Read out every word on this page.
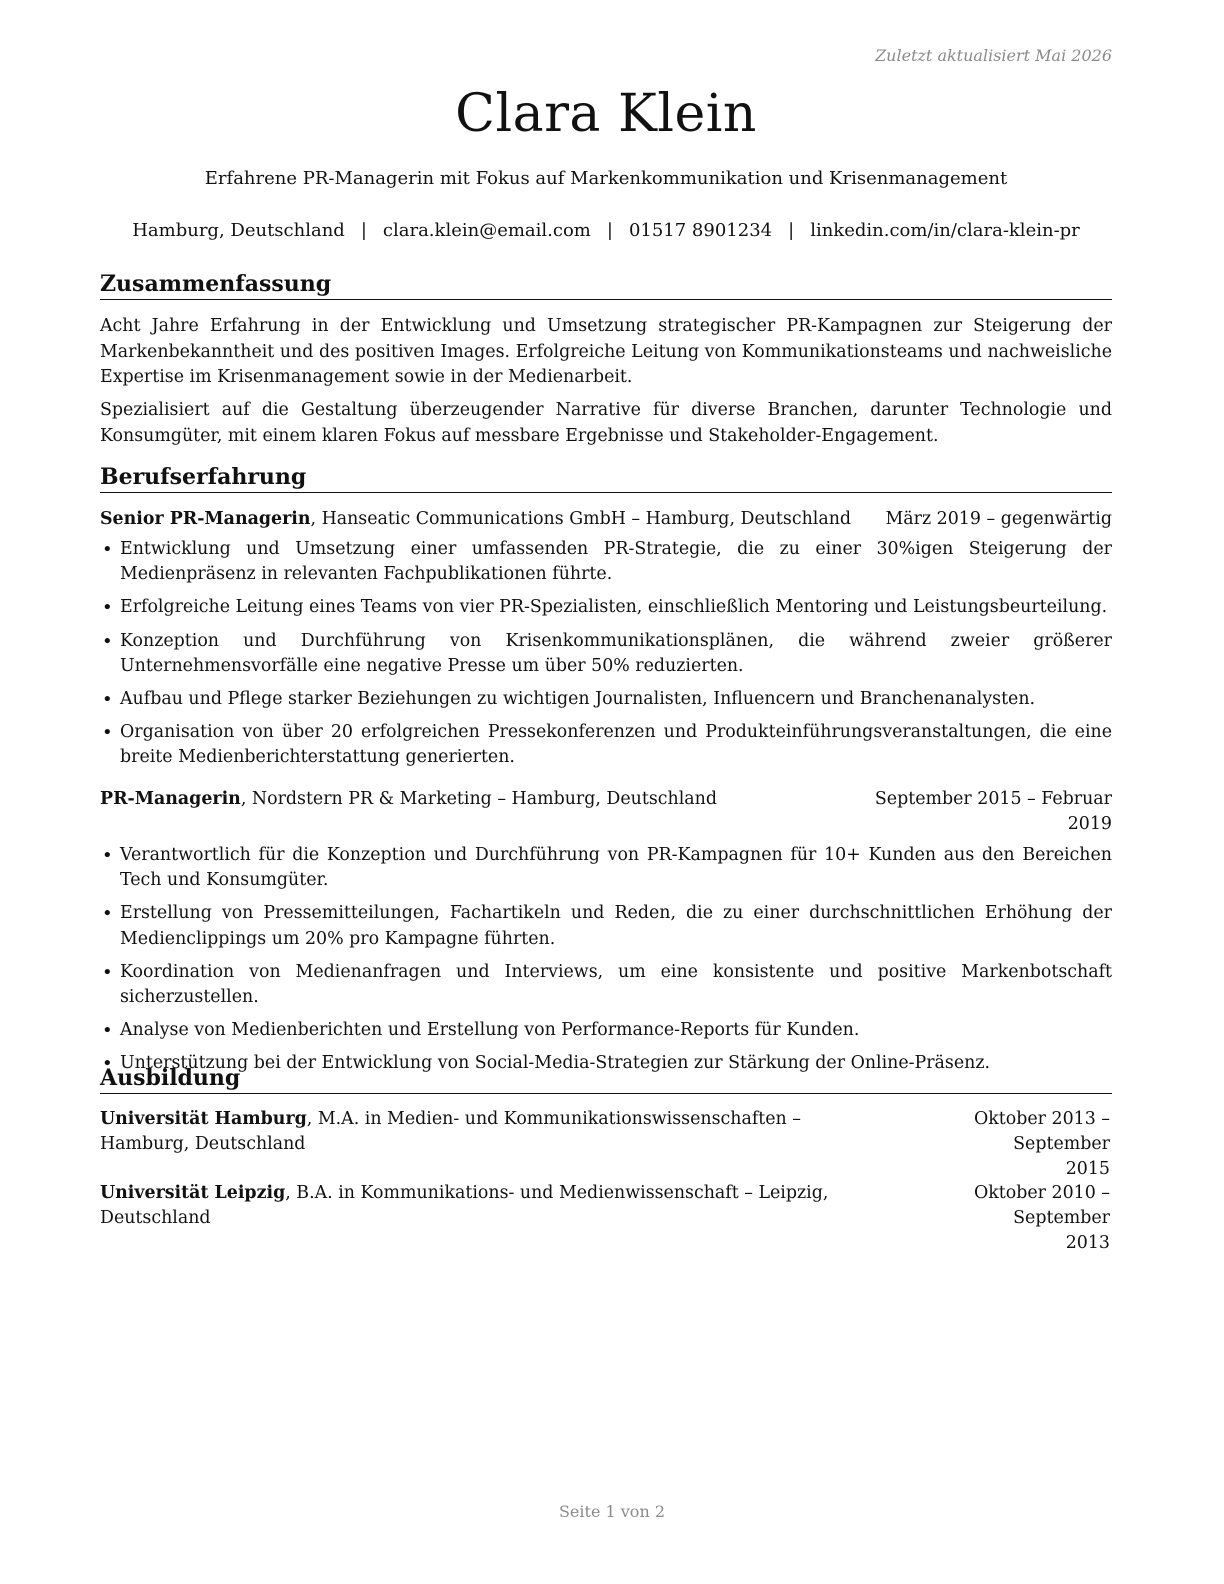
Zuletzt aktualisiert Mai 2026
Clara Klein
Erfahrene PR-Managerin mit Fokus auf Markenkommunikation und Krisenmanagement
Hamburg, Deutschland | clara.klein@email.com | 01517 8901234 | linkedin.com/in/clara-klein-pr
Zusammenfassung

Acht Jahre Erfahrung in der Entwicklung und Umsetzung strategischer PR-Kampagnen zur Steigerung der Markenbekanntheit und des positiven Images. Erfolgreiche Leitung von Kommunikationsteams und nachweisliche Expertise im Krisenmanagement sowie in der Medienarbeit.

Spezialisiert auf die Gestaltung überzeugender Narrative für diverse Branchen, darunter Technologie und Konsumgüter, mit einem klaren Fokus auf messbare Ergebnisse und Stakeholder-Engagement.

Berufserfahrung
Senior PR-Managerin, Hanseatic Communications GmbH – Hamburg, Deutschland März 2019 – gegenwärtig
• Entwicklung und Umsetzung einer umfassenden PR-Strategie, die zu einer 30%igen Steigerung der Medienpräsenz in relevanten Fachpublikationen führte.
• Erfolgreiche Leitung eines Teams von vier PR-Spezialisten, einschließlich Mentoring und Leistungsbeurteilung.
• Konzeption und Durchführung von Krisenkommunikationsplänen, die während zweier größerer Unternehmensvorfälle eine negative Presse um über 50% reduzierten.
• Aufbau und Pflege starker Beziehungen zu wichtigen Journalisten, Influencern und Branchenanalysten.
• Organisation von über 20 erfolgreichen Pressekonferenzen und Produkteinführungsveranstaltungen, die eine breite Medienberichterstattung generierten.
PR-Managerin, Nordstern PR & Marketing – Hamburg, Deutschland	September 2015 – Februar
2019
• Verantwortlich für die Konzeption und Durchführung von PR-Kampagnen für 10+ Kunden aus den Bereichen Tech und Konsumgüter.
• Erstellung von Pressemitteilungen, Fachartikeln und Reden, die zu einer durchschnittlichen Erhöhung der Medienclippings um 20% pro Kampagne führten.
• Koordination von Medienanfragen und Interviews, um eine konsistente und positive Markenbotschaft sicherzustellen.
• Analyse von Medienberichten und Erstellung von Performance-Reports für Kunden.
• Unterstützung bei der Entwicklung von Social-Media-Strategien zur Stärkung der Online-Präsenz.
Ausbildung
Universität Hamburg, M.A. in Medien- und Kommunikationswissenschaften – Hamburg, DeutschlandOktober 2013 – September
2015
Universität Leipzig, B.A. in Kommunikations- und Medienwissenschaft – Leipzig, DeutschlandOktober 2010 – September
2013
Seite 1 von 2
